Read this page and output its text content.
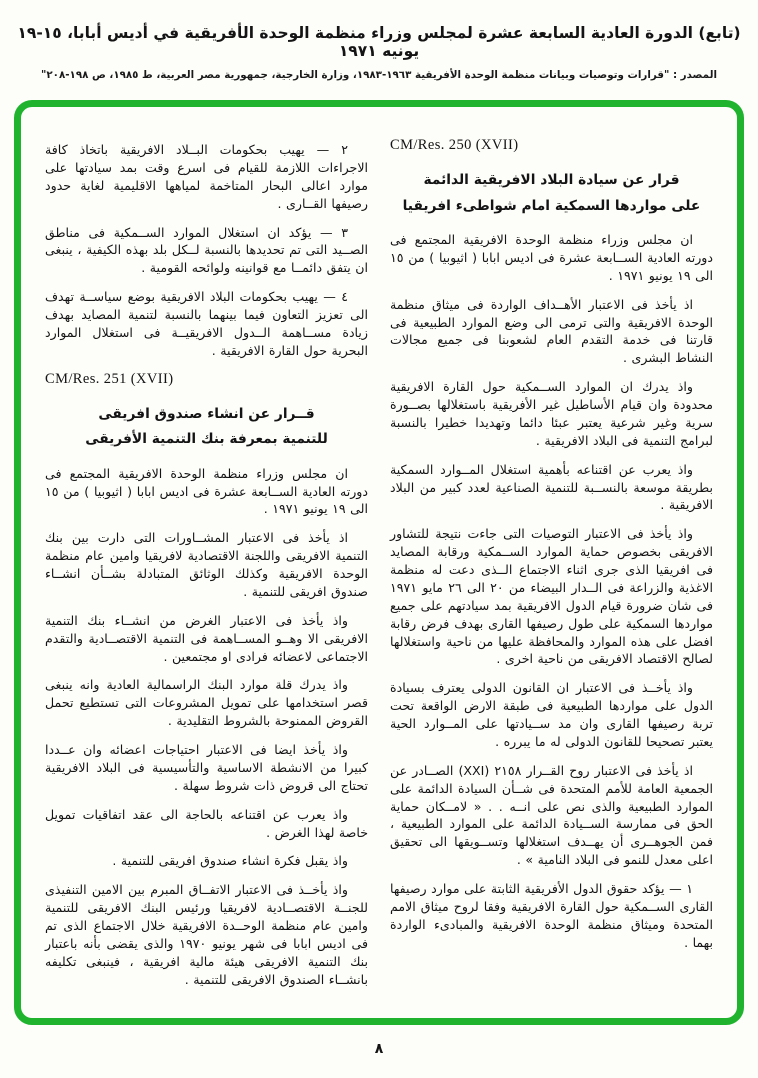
(تابع) الدورة العادية السابعة عشرة لمجلس وزراء منظمة الوحدة الأفريقية في أديس أبابا، ١٥-١٩ يونيه ١٩٧١
المصدر : "قرارات وتوصيات وبيانات منظمة الوحدة الأفريقية ١٩٦٣-١٩٨٣، وزارة الخارجية، جمهورية مصر العربية، ط ١٩٨٥، ص ١٩٨-٢٠٨"
CM/Res. 250 (XVII)
قرار عن سيادة البلاد الافريقية الدائمة
على مواردها السمكية امام شواطىء افريقيا

ان مجلس وزراء منظمة الوحدة الافريقية المجتمع فى دورته العادية الســابعة عشرة فى اديس ابابا ( اثيوبيا ) من ١٥ الى ١٩ يونيو ١٩٧١ .

اذ يأخذ فى الاعتبار الأهــداف الواردة فى ميثاق منظمة الوحدة الافريقية والتى ترمى الى وضع الموارد الطبيعية فى قارتنا فى خدمة التقدم العام لشعوبنا فى جميع مجالات النشاط البشرى .

واذ يدرك ان الموارد الســمكية حول القارة الافريقية محدودة وان قيام الأساطيل غير الأفريقية باستغلالها بصــورة سرية وغير شرعية يعتبر عبئا دائما وتهديدا خطيرا بالنسبة لبرامج التنمية فى البلاد الافريقية .

واذ يعرب عن اقتناعه بأهمية استغلال المــوارد السمكية بطريقة موسعة بالنســبة للتنمية الصناعية لعدد كبير من البلاد الافريقية .

واذ يأخذ فى الاعتبار التوصيات التى جاءت نتيجة للتشاور الافريقى بخصوص حماية الموارد الســمكية ورقابة المصايد فى افريقيا الذى جرى اثناء الاجتماع الــذى دعت له منظمة الاغذية والزراعة فى الــدار البيضاء من ٢٠ الى ٢٦ مايو ١٩٧١ فى شان ضرورة قيام الدول الافريقية بمد سيادتهم على جميع مواردها السمكية على طول رصيفها القارى بهدف فرض رقابة افضل على هذه الموارد والمحافظة عليها من ناحية واستغلالها لصالح الاقتصاد الافريقى من ناحية اخرى .

واذ يأخــذ فى الاعتبار ان القانون الدولى يعترف بسيادة الدول على مواردها الطبيعية فى طبقة الارض الواقعة تحت تربة رصيفها القارى وان مد ســيادتها على المــوارد الحية يعتبر تصحيحا للقانون الدولى له ما يبرره .

اذ يأخذ فى الاعتبار روح القــرار ٢١٥٨ (XXI) الصــادر عن الجمعية العامة للأمم المتحدة فى شــأن السيادة الدائمة على الموارد الطبيعية والذى نص على انــه . . « لامــكان حماية الحق فى ممارسة الســيادة الدائمة على الموارد الطبيعية ، فمن الجوهــرى أن يهــدف استغلالها وتســويقها الى تحقيق اعلى معدل للنمو فى البلاد النامية » .

١ — يؤكد حقوق الدول الأفريقية الثابتة على موارد رصيفها القارى الســمكية حول القارة الافريقية وفقا لروح ميثاق الامم المتحدة وميثاق منظمة الوحدة الافريقية والمبادىء الواردة بهما .

٢ — يهيب بحكومات البــلاد الافريقية باتخاذ كافة الاجراءات اللازمة للقيام فى اسرع وقت بمد سيادتها على موارد اعالى البحار المتاخمة لمياهها الاقليمية لغاية حدود رصيفها القــارى .

٣ — يؤكد ان استغلال الموارد الســمكية فى مناطق الصــيد التى تم تحديدها بالنسبة لــكل بلد بهذه الكيفية ، ينبغى ان يتفق دائمــا مع قوانينه ولوائحه القومية .

٤ — يهيب بحكومات البلاد الافريقية بوضع سياســة تهدف الى تعزيز التعاون فيما بينهما بالنسبة لتنمية المصايد بهدف زيادة مســاهمة الــدول الافريقيــة فى استغلال الموارد البحرية حول القارة الافريقية .

CM/Res. 251 (XVII)
قــرار عن انشاء صندوق افريقى
للتنمية بمعرفة بنك التنمية الأفريقى

ان مجلس وزراء منظمة الوحدة الافريقية المجتمع فى دورته العادية الســابعة عشرة فى اديس ابابا ( اثيوبيا ) من ١٥ الى ١٩ يونيو ١٩٧١ .

اذ يأخذ فى الاعتبار المشــاورات التى دارت بين بنك التنمية الافريقى واللجنة الاقتصادية لافريقيا وامين عام منظمة الوحدة الافريقية وكذلك الوثائق المتبادلة بشــأن انشــاء صندوق افريقى للتنمية .

واذ يأخذ فى الاعتبار الغرض من انشــاء بنك التنمية الافريقى الا وهــو المســاهمة فى التنمية الاقتصــادية والتقدم الاجتماعى لاعضائه فرادى او مجتمعين .

واذ يدرك قلة موارد البنك الراسمالية العادية وانه ينبغى قصر استخدامها على تمويل المشروعات التى تستطيع تحمل القروض الممنوحة بالشروط التقليدية .

واذ يأخذ ايضا فى الاعتبار احتياجات اعضائه وان عــددا كبيرا من الانشطة الاساسية والتأسيسية فى البلاد الافريقية تحتاج الى قروض ذات شروط سهلة .

واذ يعرب عن اقتناعه بالحاجة الى عقد اتفاقيات تمويل خاصة لهذا الغرض .

واذ يقبل فكرة انشاء صندوق افريقى للتنمية .

واذ يأخــذ فى الاعتبار الاتفــاق المبرم بين الامين التنفيذى للجنــة الاقتصــادية لافريقيا ورئيس البنك الافريقى للتنمية وامين عام منظمة الوحــدة الافريقية خلال الاجتماع الذى تم فى اديس ابابا فى شهر يونيو ١٩٧٠ والذى يقضى بأنه باعتبار بنك التنمية الافريقى هيئة مالية افريقية ، فينبغى تكليفه بانشــاء الصندوق الافريقى للتنمية .

٨
